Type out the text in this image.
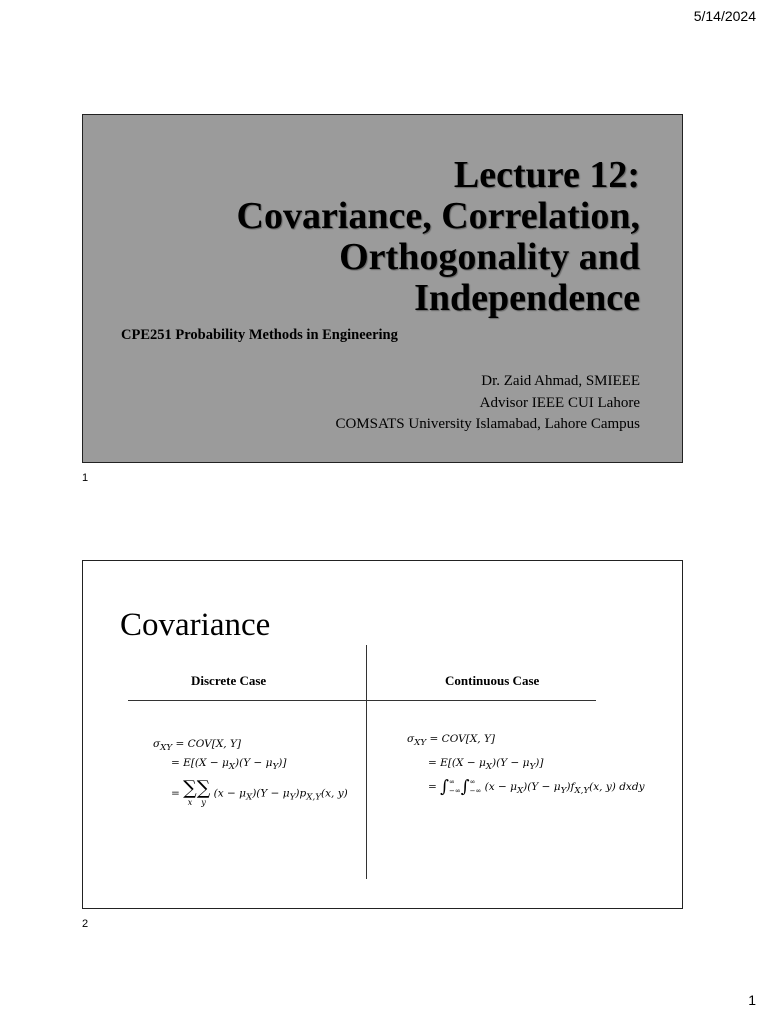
5/14/2024
Lecture 12:
Covariance, Correlation,
Orthogonality and
Independence
CPE251 Probability Methods in Engineering
Dr. Zaid Ahmad, SMIEEE
Advisor IEEE CUI Lahore
COMSATS University Islamabad, Lahore Campus
1
Covariance
Discrete Case	Continuous Case
$\sigma_{XY} = COV[X$, Y]
= $E[(X - \mu_X)(Y - \mu_Y)]$
= ∑
x
∑
y $(x - \mu_X)(Y - \mu_Y)p_{X,Y}(x$, y)
$\sigma_{XY} = COV[X$, Y]
= $E[(X - \mu_X)(Y - \mu_Y)]$
= ∫ ∞
−∞ ∫ ∞
−∞ $(x - \mu_X)(Y - \mu_Y)f_{X,Y}(x$, y) dxdy
2
1
